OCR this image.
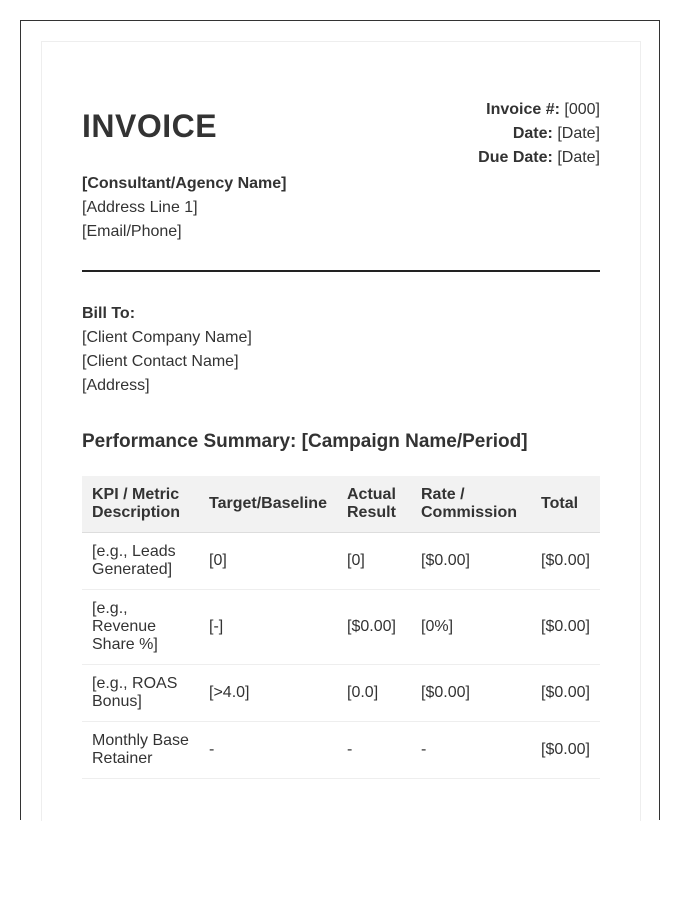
INVOICE	Invoice #: [000]
Date: [Date]
Due Date: [Date]
[Consultant/Agency Name]
[Address Line 1]
[Email/Phone]
Bill To:
[Client Company Name]
[Client Contact Name]
[Address]
Performance Summary: [Campaign Name/Period]
KPI / Metric Description	Target/Baseline	Actual Result	Rate / Commission	Total
[e.g., Leads Generated]	[0]	[0]	[$0.00]	[$0.00]
[e.g., Revenue Share %]	[-]	[$0.00]	[0%]	[$0.00]
[e.g., ROAS Bonus]	[>4.0]	[0.0]	[$0.00]	[$0.00]
Monthly Base Retainer	-	-	-	[$0.00]
